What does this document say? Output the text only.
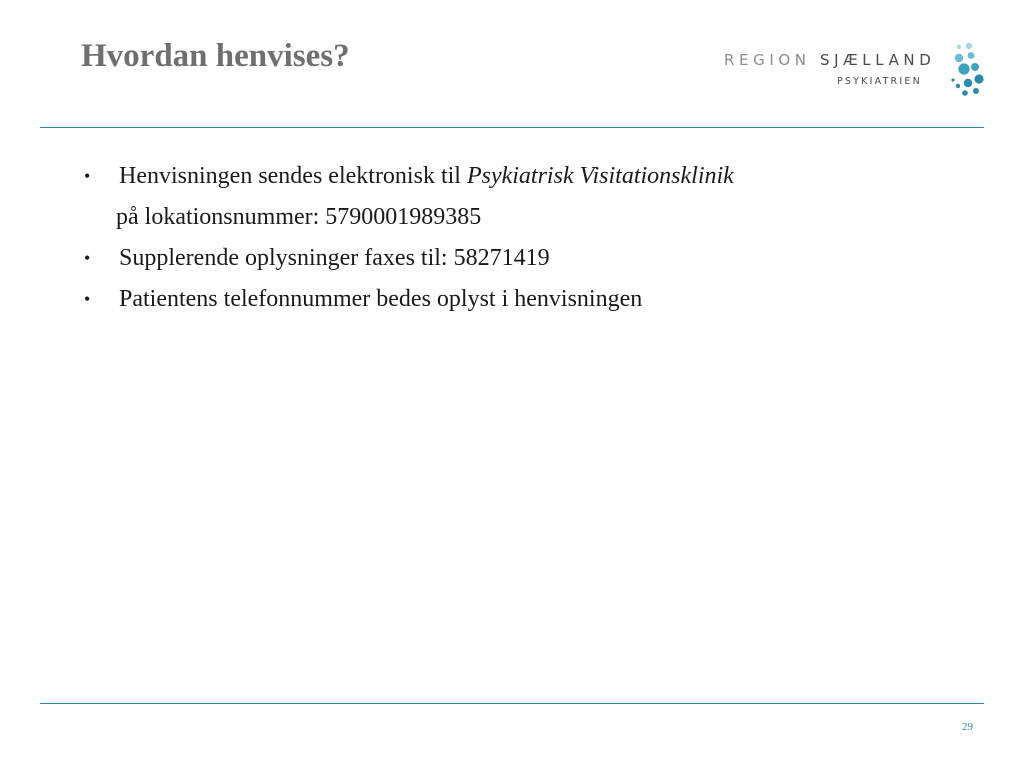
Hvordan henvises?	REGION SJÆLLAND
PSYKIATRIEN
• Henvisningen sendes elektronisk til Psykiatrisk Visitationsklinik
på lokationsnummer: 5790001989385
• Supplerende oplysninger faxes til: 58271419
• Patientens telefonnummer bedes oplyst i henvisningen
29
